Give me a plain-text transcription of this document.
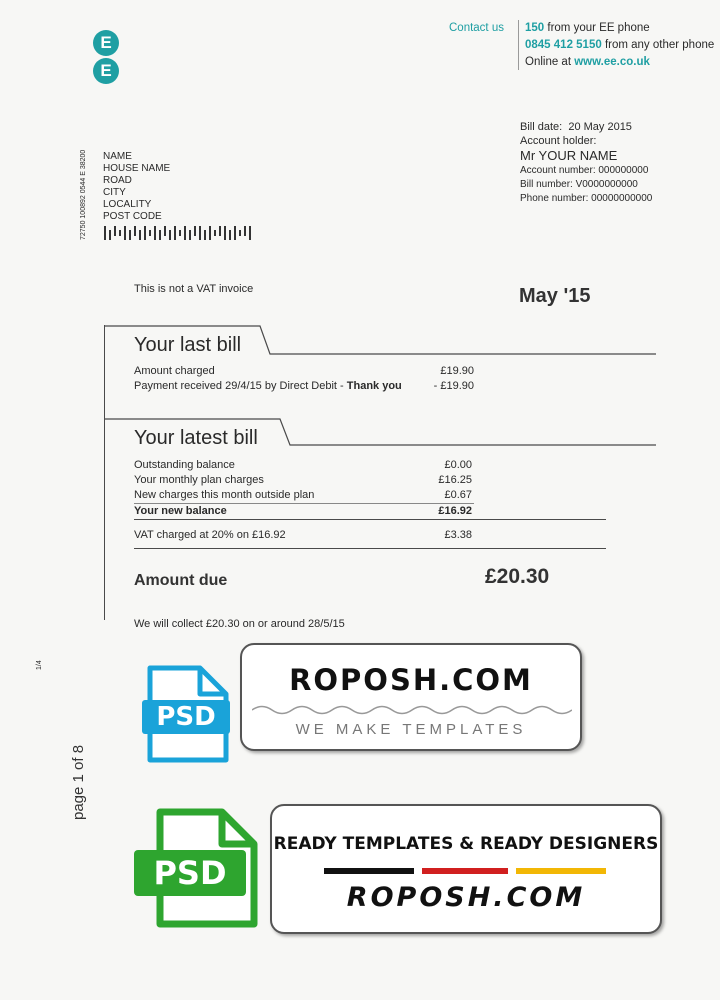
E
E
Contact us 150 from your EE phone
0845 412 5150 from any other phone
Online at www.ee.co.uk
Bill date: 20 May 2015
Account holder:
Mr YOUR NAME
Account number: 000000000
Bill number: V0000000000
Phone number: 00000000000
72750 100892 0544 E 38200 NAME
HOUSE NAME
ROAD
CITY
LOCALITY
POST CODE
This is not a VAT invoice	May '15
Your last bill
Amount charged	£19.90
Payment received 29/4/15 by Direct Debit - Thank you	- £19.90
Your latest bill
Outstanding balance	£0.00
Your monthly plan charges	£16.25
New charges this month outside plan	£0.67
Your new balance	£16.92
VAT charged at 20% on £16.92	£3.38
Amount due	£20.30
We will collect £20.30 on or around 28/5/15
1/4
page 1 of 8
PSD
ROPOSH.COM
WE MAKE TEMPLATES
PSD
READY TEMPLATES & READY DESIGNERS
ROPOSH.COM
